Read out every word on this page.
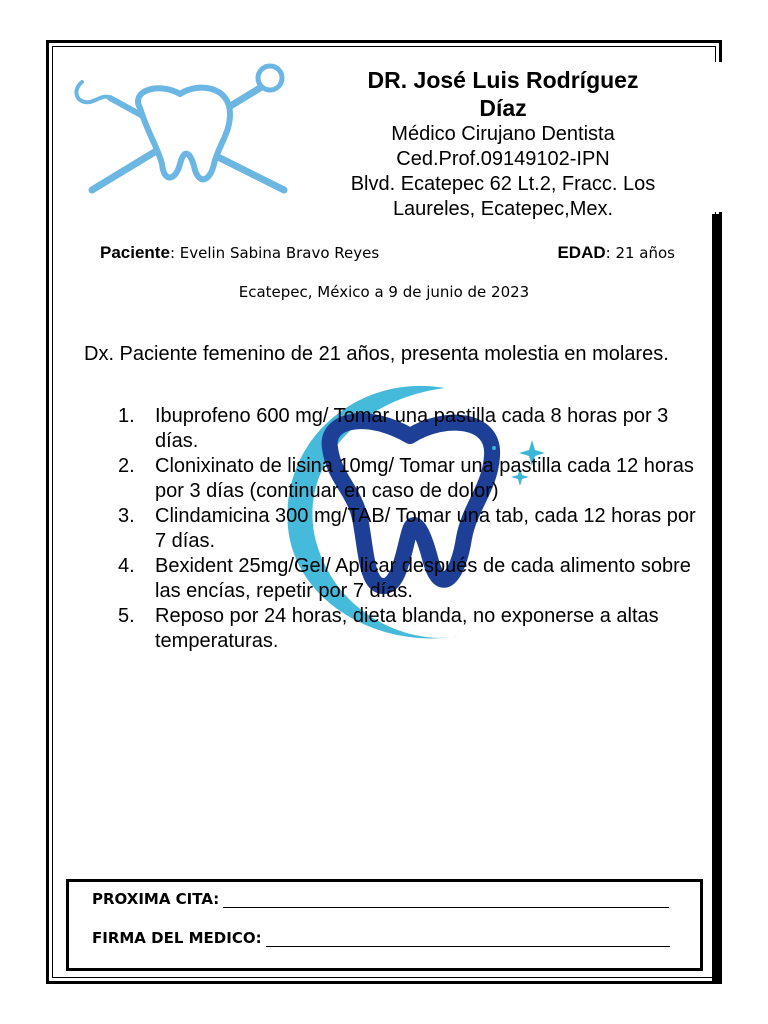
DR. José Luis Rodríguez
Díaz
Médico Cirujano Dentista
Ced.Prof.09149102-IPN
Blvd. Ecatepec 62 Lt.2, Fracc. Los
Laureles, Ecatepec,Mex.
Paciente: Evelin Sabina Bravo Reyes	EDAD: 21 años
Ecatepec, México a 9 de junio de 2023
Dx. Paciente femenino de 21 años, presenta molestia en molares.
1.	Ibuprofeno 600 mg/ Tomar una pastilla cada 8 horas por 3 días.
2.	Clonixinato de lisina 10mg/ Tomar una pastilla cada 12 horas por 3 días (continuar en caso de dolor)
3.	Clindamicina 300 mg/TAB/ Tomar una tab, cada 12 horas por 7 días.
4.	Bexident 25mg/Gel/ Aplicar después de cada alimento sobre las encías, repetir por 7 días.
5.	Reposo por 24 horas, dieta blanda, no exponerse a altas temperaturas.
PROXIMA CITA:
FIRMA DEL MEDICO:
